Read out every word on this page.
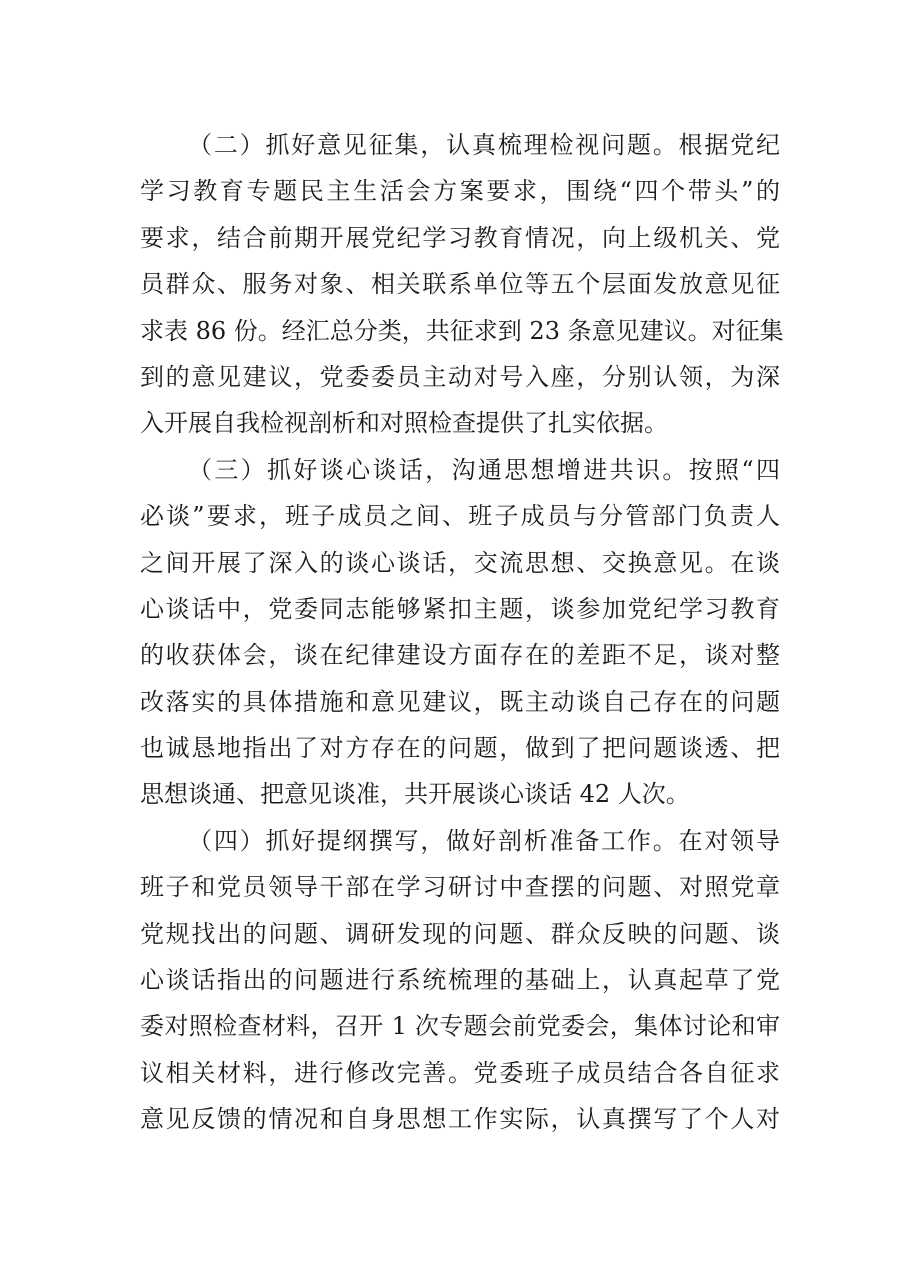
（二）抓好意见征集，认真梳理检视问题。根据党纪
学习教育专题民主生活会方案要求，围绕“四个带头”的
要求，结合前期开展党纪学习教育情况，向上级机关、党
员群众、服务对象、相关联系单位等五个层面发放意见征
求表 86 份。经汇总分类，共征求到 23 条意见建议。对征集
到的意见建议，党委委员主动对号入座，分别认领，为深
入开展自我检视剖析和对照检查提供了扎实依据。
（三）抓好谈心谈话，沟通思想增进共识。按照“四
必谈”要求，班子成员之间、班子成员与分管部门负责人
之间开展了深入的谈心谈话，交流思想、交换意见。在谈
心谈话中，党委同志能够紧扣主题，谈参加党纪学习教育
的收获体会，谈在纪律建设方面存在的差距不足，谈对整
改落实的具体措施和意见建议，既主动谈自己存在的问题
也诚恳地指出了对方存在的问题，做到了把问题谈透、把
思想谈通、把意见谈准，共开展谈心谈话 42 人次。
（四）抓好提纲撰写，做好剖析准备工作。在对领导
班子和党员领导干部在学习研讨中查摆的问题、对照党章
党规找出的问题、调研发现的问题、群众反映的问题、谈
心谈话指出的问题进行系统梳理的基础上，认真起草了党
委对照检查材料，召开 1 次专题会前党委会，集体讨论和审
议相关材料，进行修改完善。党委班子成员结合各自征求
意见反馈的情况和自身思想工作实际，认真撰写了个人对
